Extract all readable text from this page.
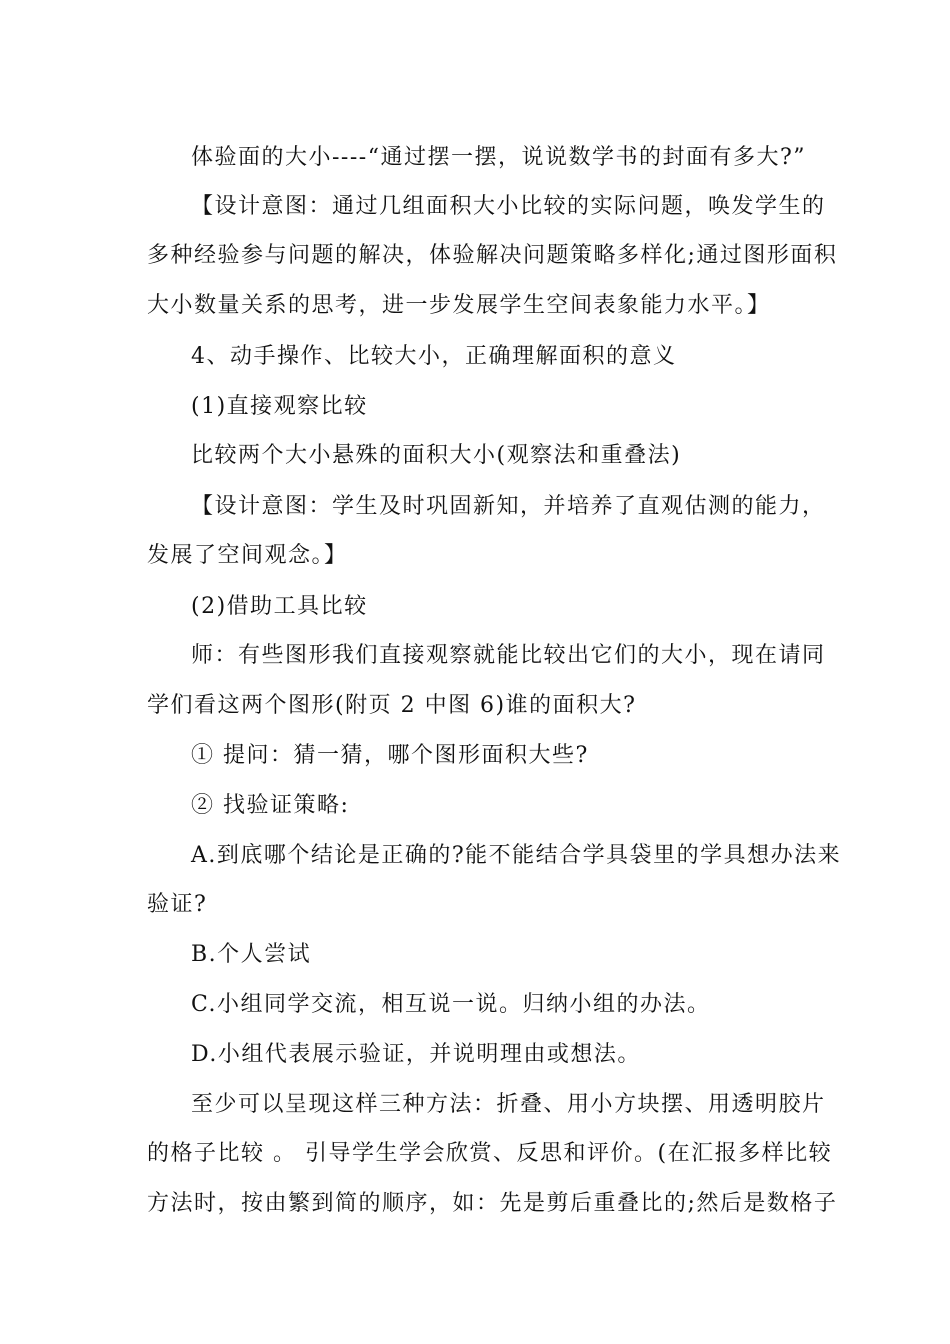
体验面的大小----“通过摆一摆，说说数学书的封面有多大?”
【设计意图：通过几组面积大小比较的实际问题，唤发学生的
多种经验参与问题的解决，体验解决问题策略多样化;通过图形面积
大小数量关系的思考，进一步发展学生空间表象能力水平。】
4、动手操作、比较大小，正确理解面积的意义
(1)直接观察比较
比较两个大小悬殊的面积大小(观察法和重叠法)
【设计意图：学生及时巩固新知，并培养了直观估测的能力，
发展了空间观念。】
(2)借助工具比较
师：有些图形我们直接观察就能比较出它们的大小，现在请同
学们看这两个图形(附页 2 中图 6)谁的面积大?
① 提问：猜一猜，哪个图形面积大些?
② 找验证策略:
A.到底哪个结论是正确的?能不能结合学具袋里的学具想办法来
验证?
B.个人尝试
C.小组同学交流，相互说一说。归纳小组的办法。
D.小组代表展示验证，并说明理由或想法。
至少可以呈现这样三种方法：折叠、用小方块摆、用透明胶片
的格子比较 。 引导学生学会欣赏、反思和评价。(在汇报多样比较
方法时，按由繁到简的顺序，如：先是剪后重叠比的;然后是数格子
